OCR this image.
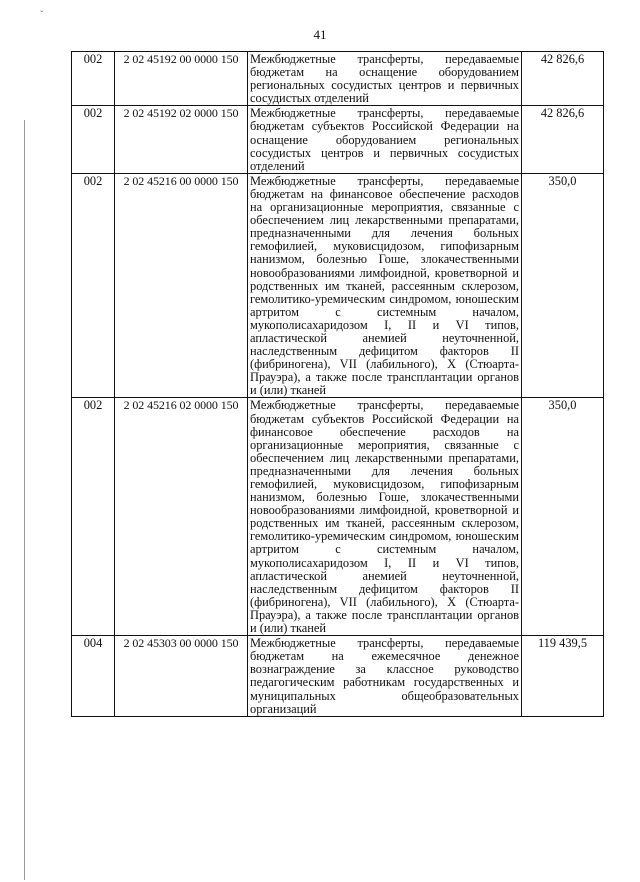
ˇ
41
002	2 02 45192 00 0000 150	Межбюджетные трансферты, передаваемые бюджетам на оснащение оборудованием региональных сосудистых центров и первичных сосудистых отделений	42 826,6
002	2 02 45192 02 0000 150	Межбюджетные трансферты, передаваемые бюджетам субъектов Российской Федерации на оснащение оборудованием региональных сосудистых центров и первичных сосудистых отделений	42 826,6
002	2 02 45216 00 0000 150	Межбюджетные трансферты, передаваемые бюджетам на финансовое обеспечение расходов на организационные мероприятия, связанные с обеспечением лиц лекарственными препаратами, предназначенными для лечения больных гемофилией, муковисцидозом, гипофизарным нанизмом, болезнью Гоше, злокачественными новообразованиями лимфоидной, кроветворной и родственных им тканей, рассеянным склерозом, гемолитико-уремическим синдромом, юношеским артритом с системным началом, мукополисахаридозом I, II и VI типов, апластической анемией неуточненной, наследственным дефицитом факторов II (фибриногена), VII (лабильного), X (Стюарта-Прауэра), а также после трансплантации органов и (или) тканей	350,0
002	2 02 45216 02 0000 150	Межбюджетные трансферты, передаваемые бюджетам субъектов Российской Федерации на финансовое обеспечение расходов на организационные мероприятия, связанные с обеспечением лиц лекарственными препаратами, предназначенными для лечения больных гемофилией, муковисцидозом, гипофизарным нанизмом, болезнью Гоше, злокачественными новообразованиями лимфоидной, кроветворной и родственных им тканей, рассеянным склерозом, гемолитико-уремическим синдромом, юношеским артритом с системным началом, мукополисахаридозом I, II и VI типов, апластической анемией неуточненной, наследственным дефицитом факторов II (фибриногена), VII (лабильного), X (Стюарта-Прауэра), а также после трансплантации органов и (или) тканей	350,0
004	2 02 45303 00 0000 150	Межбюджетные трансферты, передаваемые бюджетам на ежемесячное денежное вознаграждение за классное руководство педагогическим работникам государственных и муниципальных общеобразовательных организаций	119 439,5
